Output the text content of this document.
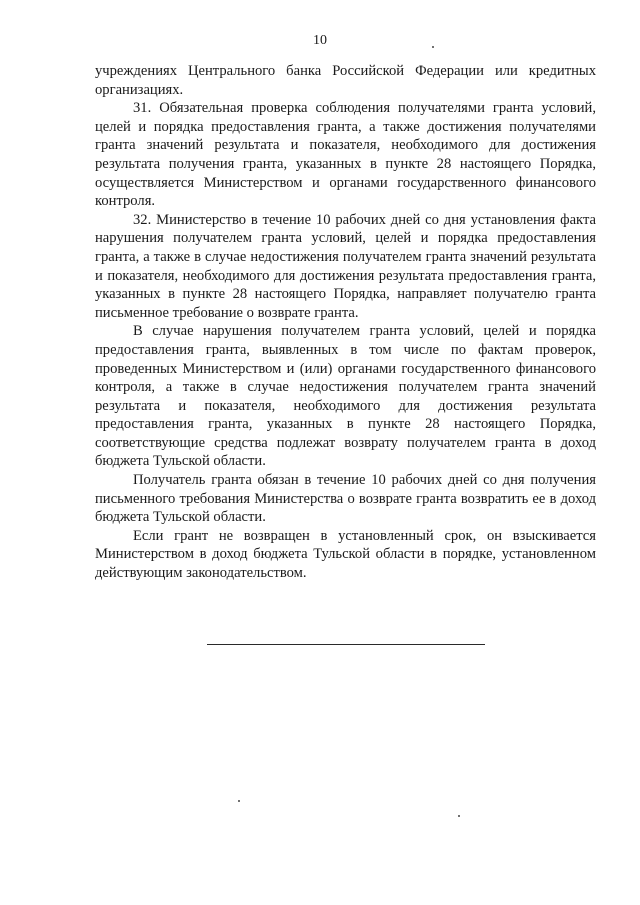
10

учреждениях Центрального банка Российской Федерации или кредитных организациях.

31. Обязательная проверка соблюдения получателями гранта условий, целей и порядка предоставления гранта, а также достижения получателями гранта значений результата и показателя, необходимого для достижения результата получения гранта, указанных в пункте 28 настоящего Порядка, осуществляется Министерством и органами государственного финансового контроля.

32. Министерство в течение 10 рабочих дней со дня установления факта нарушения получателем гранта условий, целей и порядка предоставления гранта, а также в случае недостижения получателем гранта значений результата и показателя, необходимого для достижения результата предоставления гранта, указанных в пункте 28 настоящего Порядка, направляет получателю гранта письменное требование о возврате гранта.

В случае нарушения получателем гранта условий, целей и порядка предоставления гранта, выявленных в том числе по фактам проверок, проведенных Министерством и (или) органами государственного финансового контроля, а также в случае недостижения получателем гранта значений результата и показателя, необходимого для достижения результата предоставления гранта, указанных в пункте 28 настоящего Порядка, соответствующие средства подлежат возврату получателем гранта в доход бюджета Тульской области.

Получатель гранта обязан в течение 10 рабочих дней со дня получения письменного требования Министерства о возврате гранта возвратить ее в доход бюджета Тульской области.

Если грант не возвращен в установленный срок, он взыскивается Министерством в доход бюджета Тульской области в порядке, установленном действующим законодательством.
